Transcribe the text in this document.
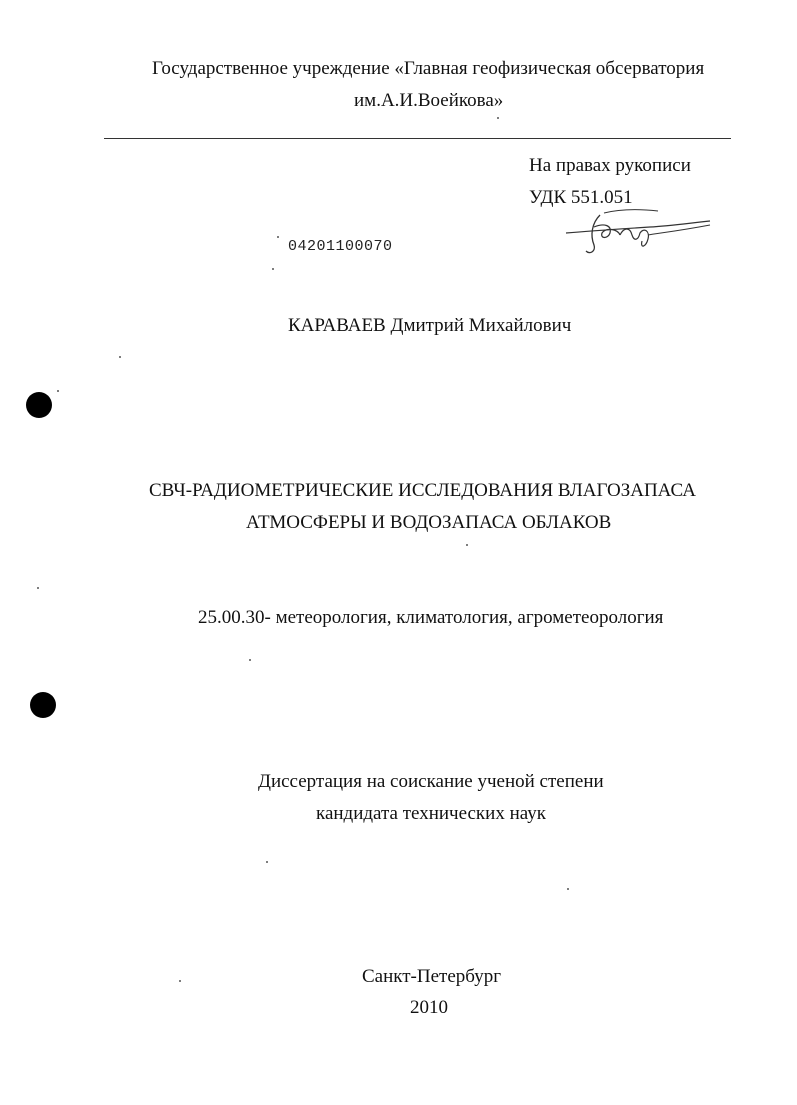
Государственное учреждение «Главная геофизическая обсерватория
им.А.И.Воейкова»
На правах рукописи
УДК 551.051
04201100070
КАРАВАЕВ Дмитрий Михайлович
СВЧ-РАДИОМЕТРИЧЕСКИЕ ИССЛЕДОВАНИЯ ВЛАГОЗАПАСА
АТМОСФЕРЫ И ВОДОЗАПАСА ОБЛАКОВ
25.00.30- метеорология, климатология, агрометеорология
Диссертация на соискание ученой степени
кандидата технических наук
Санкт-Петербург
2010
